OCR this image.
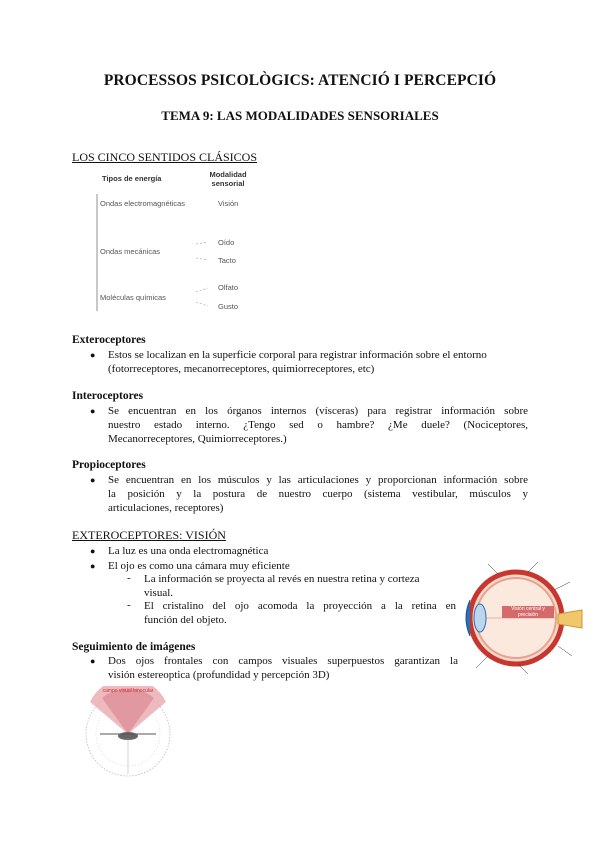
PROCESSOS PSICOLÒGICS: ATENCIÓ I PERCEPCIÓ
TEMA 9: LAS MODALIDADES SENSORIALES
LOS CINCO SENTIDOS CLÁSICOS
Tipos de energía	Modalidad
sensorial
Ondas electromagnéticas
Ondas mecánicas
Moléculas químicas
Visión
Oído
Tacto
Olfato
Gusto
Exteroceptores
● Estos se localizan en la superficie corporal para registrar información sobre el entorno
(fotorreceptores, mecanorreceptores, quimiorreceptores, etc)
Interoceptores
● Se encuentran en los órganos internos (vísceras) para registrar información sobre
nuestro estado interno. ¿Tengo sed o hambre? ¿Me duele? (Nociceptores,
Mecanorreceptores, Quimiorreceptores.)
Propioceptores
● Se encuentran en los músculos y las articulaciones y proporcionan información sobre
la posición y la postura de nuestro cuerpo (sistema vestibular, músculos y
articulaciones, receptores)
EXTEROCEPTORES: VISIÓN
● La luz es una onda electromagnética
● El ojo es como una cámara muy eficiente
- La información se proyecta al revés en nuestra retina y corteza
visual.
- El cristalino del ojo acomoda la proyección a la retina en
función del objeto.
Seguimiento de imágenes
● Dos ojos frontales con campos visuales superpuestos garantizan la
visión estereoptica (profundidad y percepción 3D)
Visión central y precisión
campo visual binocular
